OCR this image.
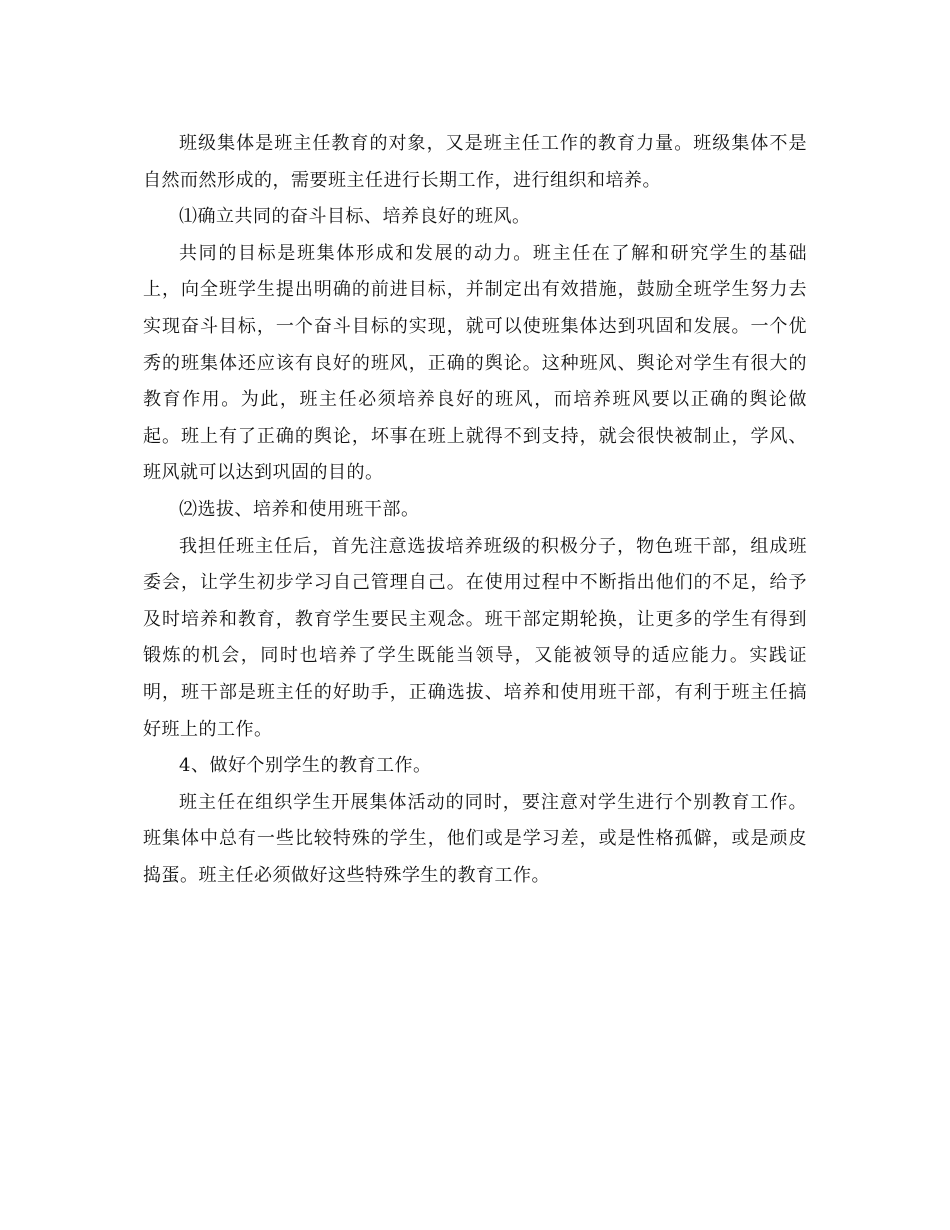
班级集体是班主任教育的对象，又是班主任工作的教育力量。班级集体不是自然而然形成的，需要班主任进行长期工作，进行组织和培养。

⑴确立共同的奋斗目标、培养良好的班风。

共同的目标是班集体形成和发展的动力。班主任在了解和研究学生的基础上，向全班学生提出明确的前进目标，并制定出有效措施，鼓励全班学生努力去实现奋斗目标，一个奋斗目标的实现，就可以使班集体达到巩固和发展。一个优秀的班集体还应该有良好的班风，正确的舆论。这种班风、舆论对学生有很大的教育作用。为此，班主任必须培养良好的班风，而培养班风要以正确的舆论做起。班上有了正确的舆论，坏事在班上就得不到支持，就会很快被制止，学风、班风就可以达到巩固的目的。

⑵选拔、培养和使用班干部。

我担任班主任后，首先注意选拔培养班级的积极分子，物色班干部，组成班委会，让学生初步学习自己管理自己。在使用过程中不断指出他们的不足，给予及时培养和教育，教育学生要民主观念。班干部定期轮换，让更多的学生有得到锻炼的机会，同时也培养了学生既能当领导，又能被领导的适应能力。实践证明，班干部是班主任的好助手，正确选拔、培养和使用班干部，有利于班主任搞好班上的工作。

4、做好个别学生的教育工作。

班主任在组织学生开展集体活动的同时，要注意对学生进行个别教育工作。班集体中总有一些比较特殊的学生，他们或是学习差，或是性格孤僻，或是顽皮捣蛋。班主任必须做好这些特殊学生的教育工作。
